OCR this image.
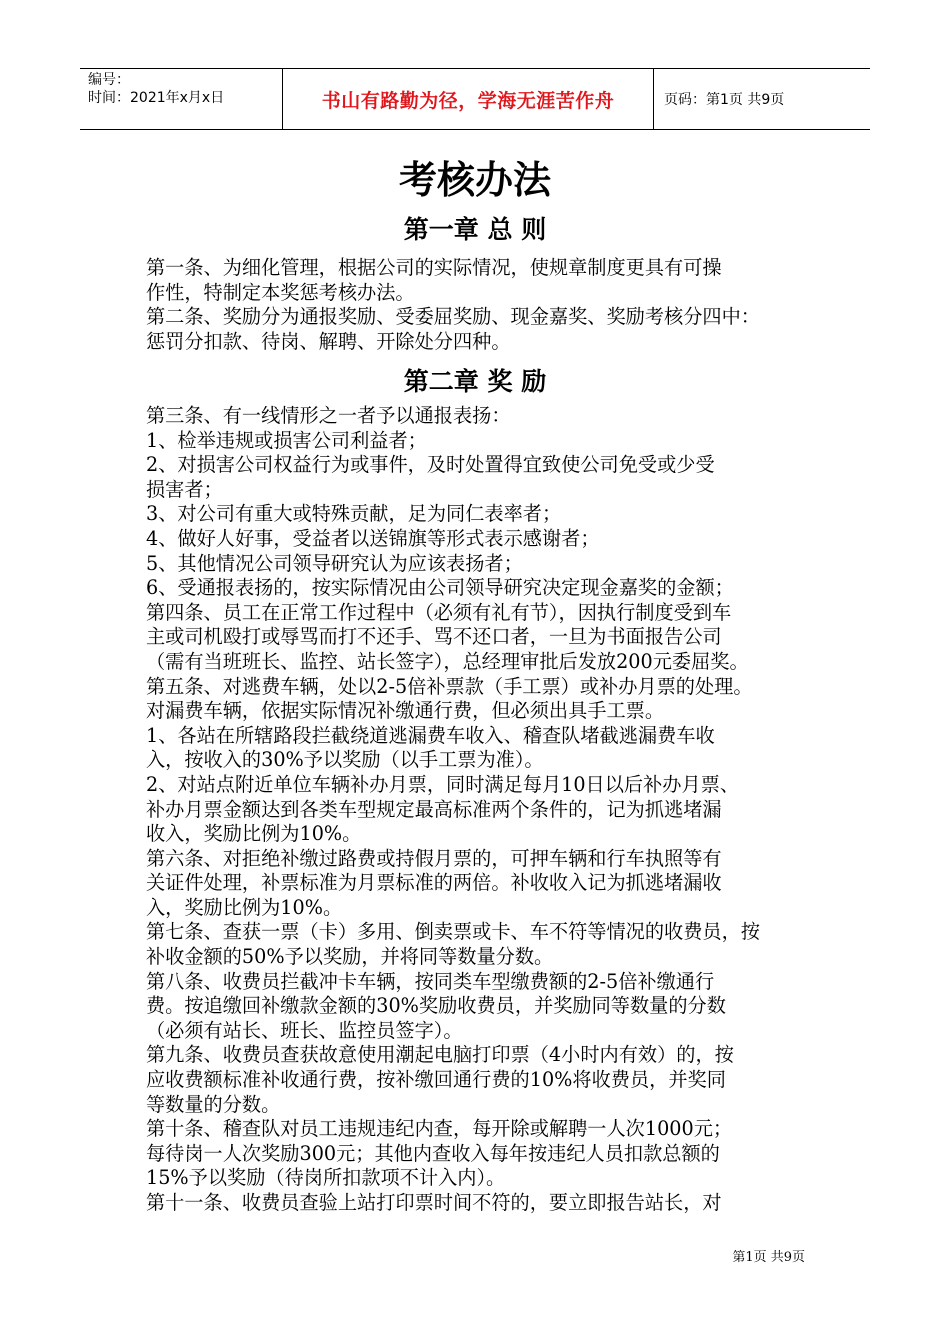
编号：
时间：2021年x月x日	书山有路勤为径，学海无涯苦作舟	页码：第1页 共9页
考核办法
第一章 总 则

第一条、为细化管理，根据公司的实际情况，使规章制度更具有可操

作性，特制定本奖惩考核办法。

第二条、奖励分为通报奖励、受委屈奖励、现金嘉奖、奖励考核分四中：

惩罚分扣款、待岗、解聘、开除处分四种。

第二章 奖 励

第三条、有一线情形之一者予以通报表扬：

1、检举违规或损害公司利益者；

2、对损害公司权益行为或事件，及时处置得宜致使公司免受或少受

损害者；

3、对公司有重大或特殊贡献，足为同仁表率者；

4、做好人好事，受益者以送锦旗等形式表示感谢者；

5、其他情况公司领导研究认为应该表扬者；

6、受通报表扬的，按实际情况由公司领导研究决定现金嘉奖的金额；

第四条、员工在正常工作过程中（必须有礼有节），因执行制度受到车

主或司机殴打或辱骂而打不还手、骂不还口者，一旦为书面报告公司

（需有当班班长、监控、站长签字），总经理审批后发放200元委屈奖。

第五条、对逃费车辆，处以2-5倍补票款（手工票）或补办月票的处理。

对漏费车辆，依据实际情况补缴通行费，但必须出具手工票。

1、各站在所辖路段拦截绕道逃漏费车收入、稽查队堵截逃漏费车收

入，按收入的30%予以奖励（以手工票为准）。

2、对站点附近单位车辆补办月票，同时满足每月10日以后补办月票、

补办月票金额达到各类车型规定最高标准两个条件的，记为抓逃堵漏

收入，奖励比例为10%。

第六条、对拒绝补缴过路费或持假月票的，可押车辆和行车执照等有

关证件处理，补票标准为月票标准的两倍。补收收入记为抓逃堵漏收

入，奖励比例为10%。

第七条、查获一票（卡）多用、倒卖票或卡、车不符等情况的收费员，按

补收金额的50%予以奖励，并将同等数量分数。

第八条、收费员拦截冲卡车辆，按同类车型缴费额的2-5倍补缴通行

费。按追缴回补缴款金额的30%奖励收费员，并奖励同等数量的分数

（必须有站长、班长、监控员签字）。

第九条、收费员查获故意使用潮起电脑打印票（4小时内有效）的，按

应收费额标准补收通行费，按补缴回通行费的10%将收费员，并奖同

等数量的分数。

第十条、稽查队对员工违规违纪内查，每开除或解聘一人次1000元；

每待岗一人次奖励300元；其他内查收入每年按违纪人员扣款总额的

15%予以奖励（待岗所扣款项不计入内）。

第十一条、收费员查验上站打印票时间不符的，要立即报告站长，对

第1页 共9页
